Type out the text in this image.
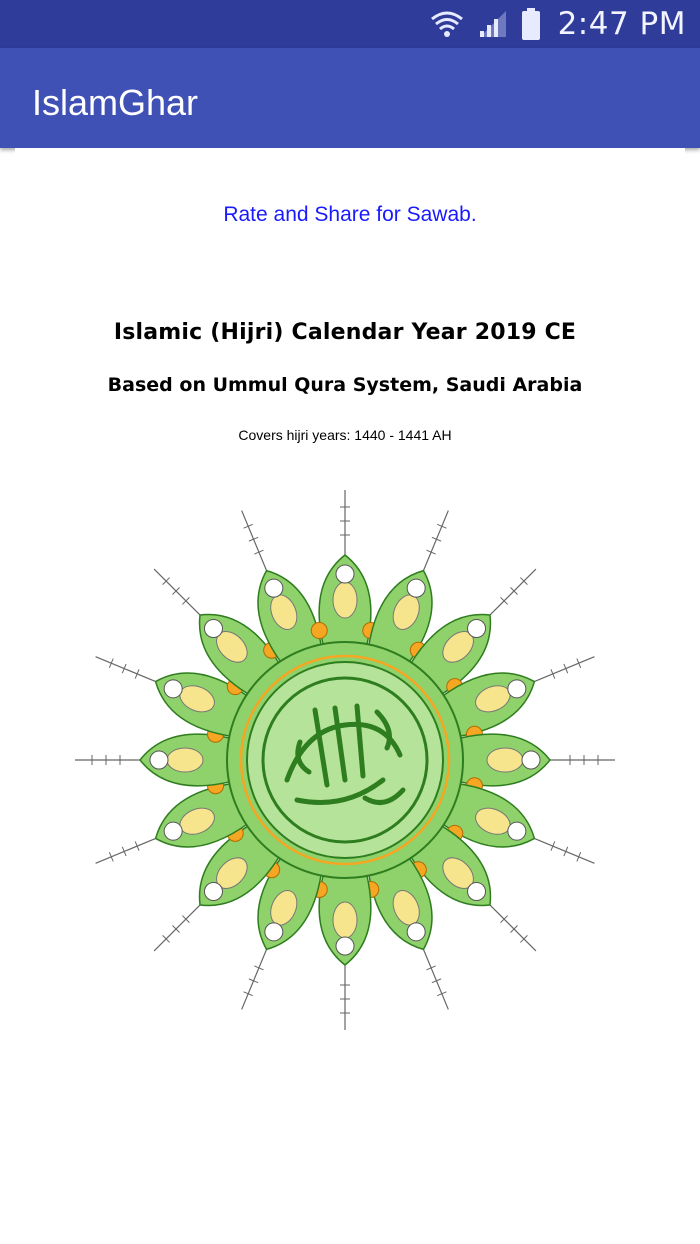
2:47 PM
IslamGhar
Rate and Share for Sawab.
Islamic (Hijri) Calendar Year 2019 CE
Based on Ummul Qura System, Saudi Arabia
Covers hijri years: 1440 - 1441 AH
